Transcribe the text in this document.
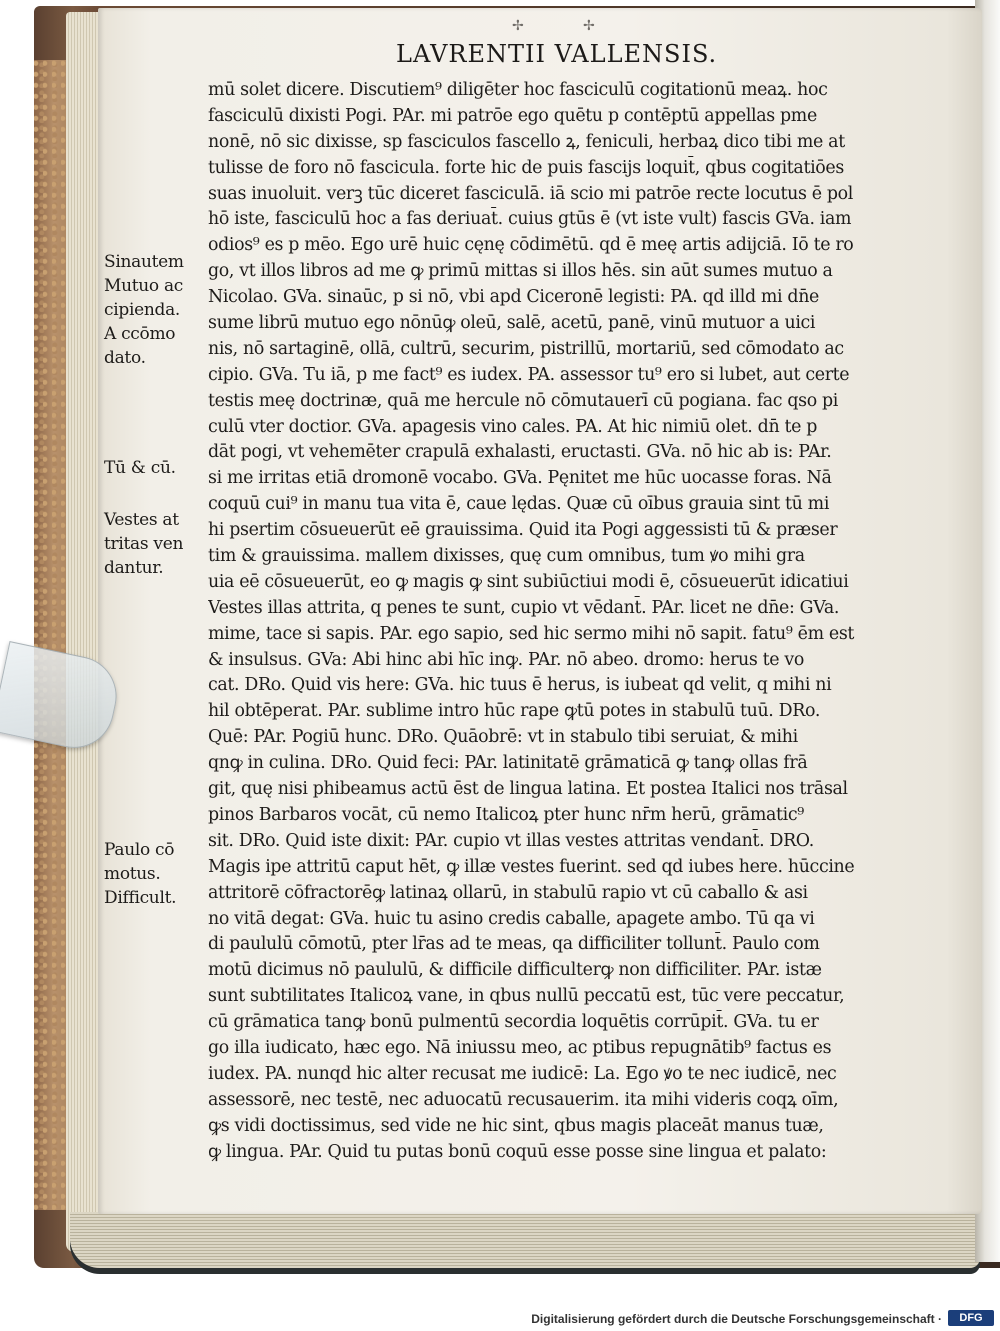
✢	✢
LAVRENTII VALLENSIS.
mū solet dicere. Discutiem⁹ diligēter hoc fasciculū cogitationū meaꝝ. hoc
fasciculū dixisti Pogi. PAr. mi patrōe ego quētu p contēptū appellas pme
nonē, nō sic dixisse, sp fasciculos fascello ꝝ, feniculi, herbaꝝ dico tibi me at
tulisse de foro nō fascicula. forte hic de puis fascijs loquit̄, qbus cogitatiōes
suas inuoluit. verꝫ tūc diceret fasciculā. iā scio mi patrōe recte locutus ē pol
hō iste, fasciculū hoc a fas deriuat̄. cuius gtūs ē (vt iste vult) fascis GVa. iam
odios⁹ es p mēo. Ego urē huic cęnę cōdimētū. qd ē meę artis adijciā. Iō te ro
go, vt illos libros ad me ꝙ primū mittas si illos hēs. sin aūt sumes mutuo a
Nicolao. GVa. sinaūc, p si nō, vbi apd Ciceronē legisti: PA. qd illd mi dn̄e
sume librū mutuo ego nōnūꝙ oleū, salē, acetū, panē, vinū mutuor a uici
nis, nō sartaginē, ollā, cultrū, securim, pistrillū, mortariū, sed cōmodato ac
cipio. GVa. Tu iā, p me fact⁹ es iudex. PA. assessor tu⁹ ero si lubet, aut certe
testis meę doctrinæ, quā me hercule nō cōmutauerī cū pogiana. fac qso pi
culū vter doctior. GVa. apagesis vino cales. PA. At hic nimiū olet. dn̄ te p
dāt pogi, vt vehemēter crapulā exhalasti, eructasti. GVa. nō hic ab is: PAr.
si me irritas etiā dromonē vocabo. GVa. Pęnitet me hūc uocasse foras. Nā
coquū cui⁹ in manu tua vita ē, caue lędas. Quæ cū oībus grauia sint tū mi
hi psertim cōsueuerūt eē grauissima. Quid ita Pogi aggessisti tū & præser
tim & grauissima. mallem dixisses, quę cum omnibus, tum ꝟo mihi gra
uia eē cōsueuerūt, eo ꝙ magis ꝙ sint subiūctiui modi ē, cōsueuerūt idicatiui
Vestes illas attrita, q penes te sunt, cupio vt vēdant̄. PAr. licet ne dn̄e: GVa.
mime, tace si sapis. PAr. ego sapio, sed hic sermo mihi nō sapit. fatu⁹ ēm est
& insulsus. GVa: Abi hinc abi hīc inꝙ. PAr. nō abeo. dromo: herus te vo
cat. DRo. Quid vis here: GVa. hic tuus ē herus, is iubeat qd velit, q mihi ni
hil obtēperat. PAr. sublime intro hūc rape ꝙtū potes in stabulū tuū. DRo.
Quē: PAr. Pogiū hunc. DRo. Quāobrē: vt in stabulo tibi seruiat, & mihi
qnꝙ in culina. DRo. Quid feci: PAr. latinitatē grāmaticā ꝙ tanꝙ ollas frā
git, quę nisi phibeamus actū ēst de lingua latina. Et postea Italici nos trāsal
pinos Barbaros vocāt, cū nemo Italicoꝝ pter hunc nr̄m herū, grāmatic⁹
sit. DRo. Quid iste dixit: PAr. cupio vt illas vestes attritas vendant̄. DRO.
Magis ipe attritū caput hēt, ꝙ illæ vestes fuerint. sed qd iubes here. hūccine
attritorē cōfractorēꝙ latinaꝝ ollarū, in stabulū rapio vt cū caballo & asi
no vitā degat: GVa. huic tu asino credis caballe, apagete ambo. Tū qa vi
di paululū cōmotū, pter lr̄as ad te meas, qa difficiliter tollunt̄. Paulo com
motū dicimus nō paululū, & difficile difficulterꝙ non difficiliter. PAr. istæ
sunt subtilitates Italicoꝝ vane, in qbus nullū peccatū est, tūc vere peccatur,
cū grāmatica tanꝙ bonū pulmentū secordia loquētis corrūpit̄. GVa. tu er
go illa iudicato, hæc ego. Nā iniussu meo, ac ptibus repugnātib⁹ factus es
iudex. PA. nunqd hic alter recusat me iudicē: La. Ego ꝟo te nec iudicē, nec
assessorē, nec testē, nec aduocatū recusauerim. ita mihi videris coqꝝ oīm,
ꝙs vidi doctissimus, sed vide ne hic sint, qbus magis placeāt manus tuæ,
ꝙ lingua. PAr. Quid tu putas bonū coquū esse posse sine lingua et palato:
Sinautem
Mutuo ac
cipienda.
A ccōmo
dato.
Tū & cū.
Vestes at
tritas ven
dantur.
Paulo cō
motus.
Difficult.
Digitalisierung gefördert durch die Deutsche Forschungsgemeinschaft ·	DFG
